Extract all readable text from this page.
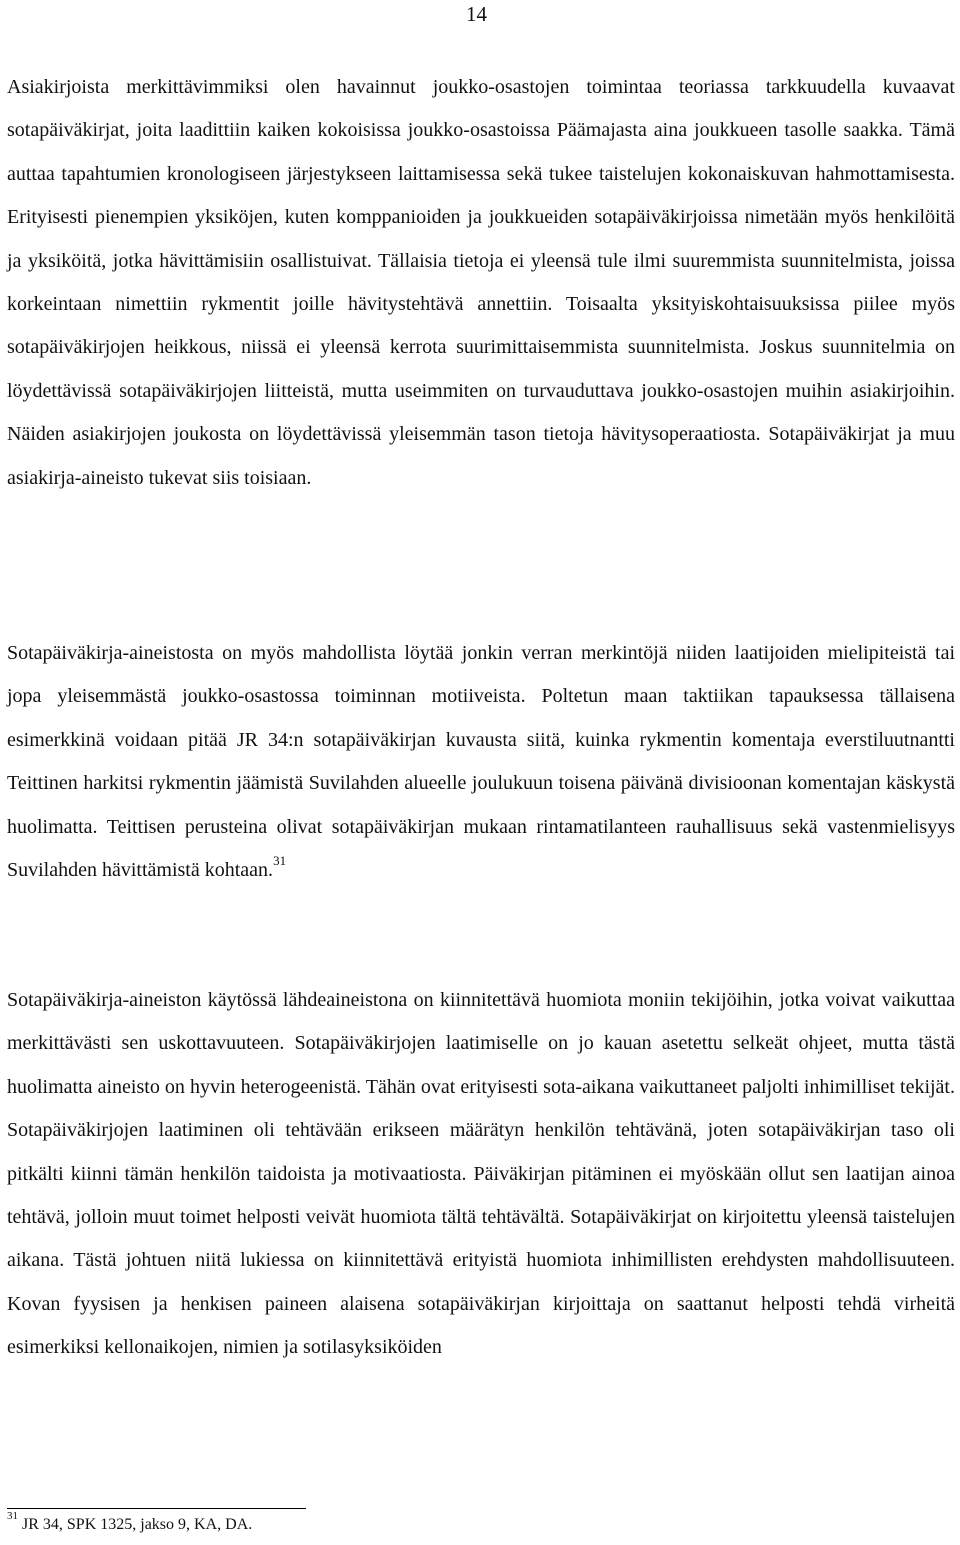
14

Asiakirjoista merkittävimmiksi olen havainnut joukko-osastojen toimintaa teoriassa tarkkuudella kuvaavat sotapäiväkirjat, joita laadittiin kaiken kokoisissa joukko-osastoissa Päämajasta aina joukkueen tasolle saakka. Tämä auttaa tapahtumien kronologiseen järjestykseen laittamisessa sekä tukee taistelujen kokonaiskuvan hahmottamisesta. Erityisesti pienempien yksiköjen, kuten komppanioiden ja joukkueiden sotapäiväkirjoissa nimetään myös henkilöitä ja yksiköitä, jotka hävittämisiin osallistuivat. Tällaisia tietoja ei yleensä tule ilmi suuremmista suunnitelmista, joissa korkeintaan nimettiin rykmentit joille hävitystehtävä annettiin. Toisaalta yksityiskohtaisuuksissa piilee myös sotapäiväkirjojen heikkous, niissä ei yleensä kerrota suurimittaisemmista suunnitelmista. Joskus suunnitelmia on löydettävissä sotapäiväkirjojen liitteistä, mutta useimmiten on turvauduttava joukko-osastojen muihin asiakirjoihin. Näiden asiakirjojen joukosta on löydettävissä yleisemmän tason tietoja hävitysoperaatiosta. Sotapäiväkirjat ja muu asiakirja-aineisto tukevat siis toisiaan.

Sotapäiväkirja-aineistosta on myös mahdollista löytää jonkin verran merkintöjä niiden laatijoiden mielipiteistä tai jopa yleisemmästä joukko-osastossa toiminnan motiiveista. Poltetun maan taktiikan tapauksessa tällaisena esimerkkinä voidaan pitää JR 34:n sotapäiväkirjan kuvausta siitä, kuinka rykmentin komentaja everstiluutnantti Teittinen harkitsi rykmentin jäämistä Suvilahden alueelle joulukuun toisena päivänä divisioonan komentajan käskystä huolimatta. Teittisen perusteina olivat sotapäiväkirjan mukaan rintamatilanteen rauhallisuus sekä vastenmielisyys Suvilahden hävittämistä kohtaan.$^{31}$

Sotapäiväkirja-aineiston käytössä lähdeaineistona on kiinnitettävä huomiota moniin tekijöihin, jotka voivat vaikuttaa merkittävästi sen uskottavuuteen. Sotapäiväkirjojen laatimiselle on jo kauan asetettu selkeät ohjeet, mutta tästä huolimatta aineisto on hyvin heterogeenistä. Tähän ovat erityisesti sota-aikana vaikuttaneet paljolti inhimilliset tekijät. Sotapäiväkirjojen laatiminen oli tehtävään erikseen määrätyn henkilön tehtävänä, joten sotapäiväkirjan taso oli pitkälti kiinni tämän henkilön taidoista ja motivaatiosta. Päiväkirjan pitäminen ei myöskään ollut sen laatijan ainoa tehtävä, jolloin muut toimet helposti veivät huomiota tältä tehtävältä. Sotapäiväkirjat on kirjoitettu yleensä taistelujen aikana. Tästä johtuen niitä lukiessa on kiinnitettävä erityistä huomiota inhimillisten erehdysten mahdollisuuteen. Kovan fyysisen ja henkisen paineen alaisena sotapäiväkirjan kirjoittaja on saattanut helposti tehdä virheitä esimerkiksi kellonaikojen, nimien ja sotilasyksiköiden

$^{31}$ JR 34, SPK 1325, jakso 9, KA, DA.
